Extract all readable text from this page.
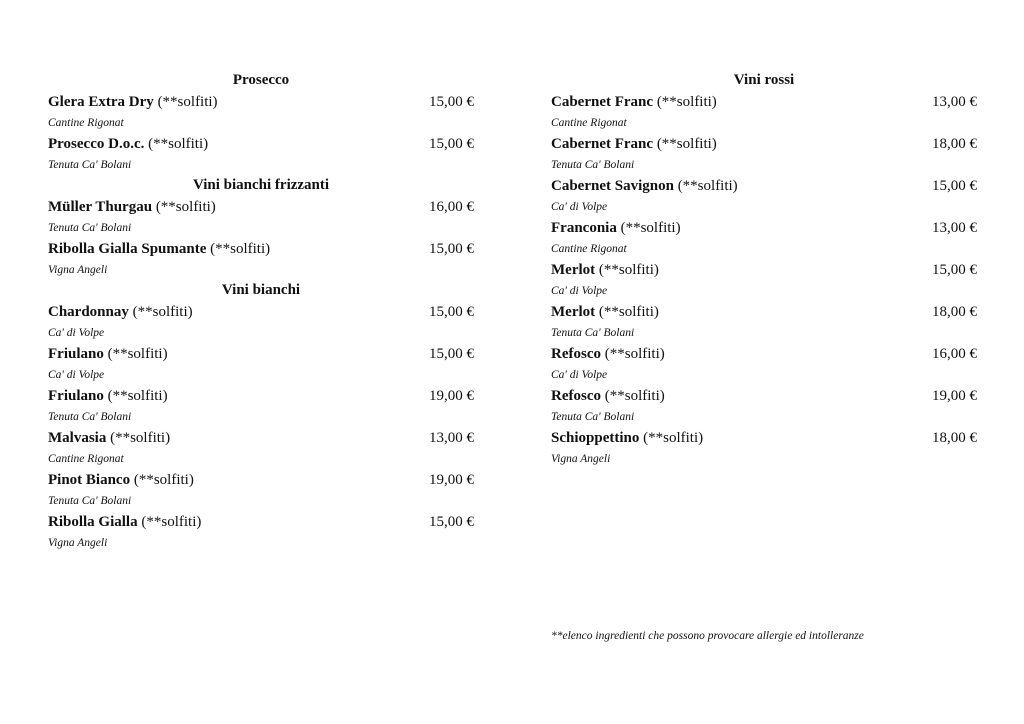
Prosecco
Glera Extra Dry (**solfiti)	15,00 €
Cantine Rigonat
Prosecco D.o.c. (**solfiti)	15,00 €
Tenuta Ca' Bolani
Vini bianchi frizzanti
Müller Thurgau (**solfiti)	16,00 €
Tenuta Ca' Bolani
Ribolla Gialla Spumante (**solfiti)	15,00 €
Vigna Angeli
Vini bianchi
Chardonnay (**solfiti)	15,00 €
Ca' di Volpe
Friulano (**solfiti)	15,00 €
Ca' di Volpe
Friulano (**solfiti)	19,00 €
Tenuta Ca' Bolani
Malvasia (**solfiti)	13,00 €
Cantine Rigonat
Pinot Bianco (**solfiti)	19,00 €
Tenuta Ca' Bolani
Ribolla Gialla (**solfiti)	15,00 €
Vigna Angeli
Vini rossi
Cabernet Franc (**solfiti)	13,00 €
Cantine Rigonat
Cabernet Franc (**solfiti)	18,00 €
Tenuta Ca' Bolani
Cabernet Savignon (**solfiti)	15,00 €
Ca' di Volpe
Franconia (**solfiti)	13,00 €
Cantine Rigonat
Merlot (**solfiti)	15,00 €
Ca' di Volpe
Merlot (**solfiti)	18,00 €
Tenuta Ca' Bolani
Refosco (**solfiti)	16,00 €
Ca' di Volpe
Refosco (**solfiti)	19,00 €
Tenuta Ca' Bolani
Schioppettino (**solfiti)	18,00 €
Vigna Angeli
**elenco ingredienti che possono provocare allergie ed intolleranze
